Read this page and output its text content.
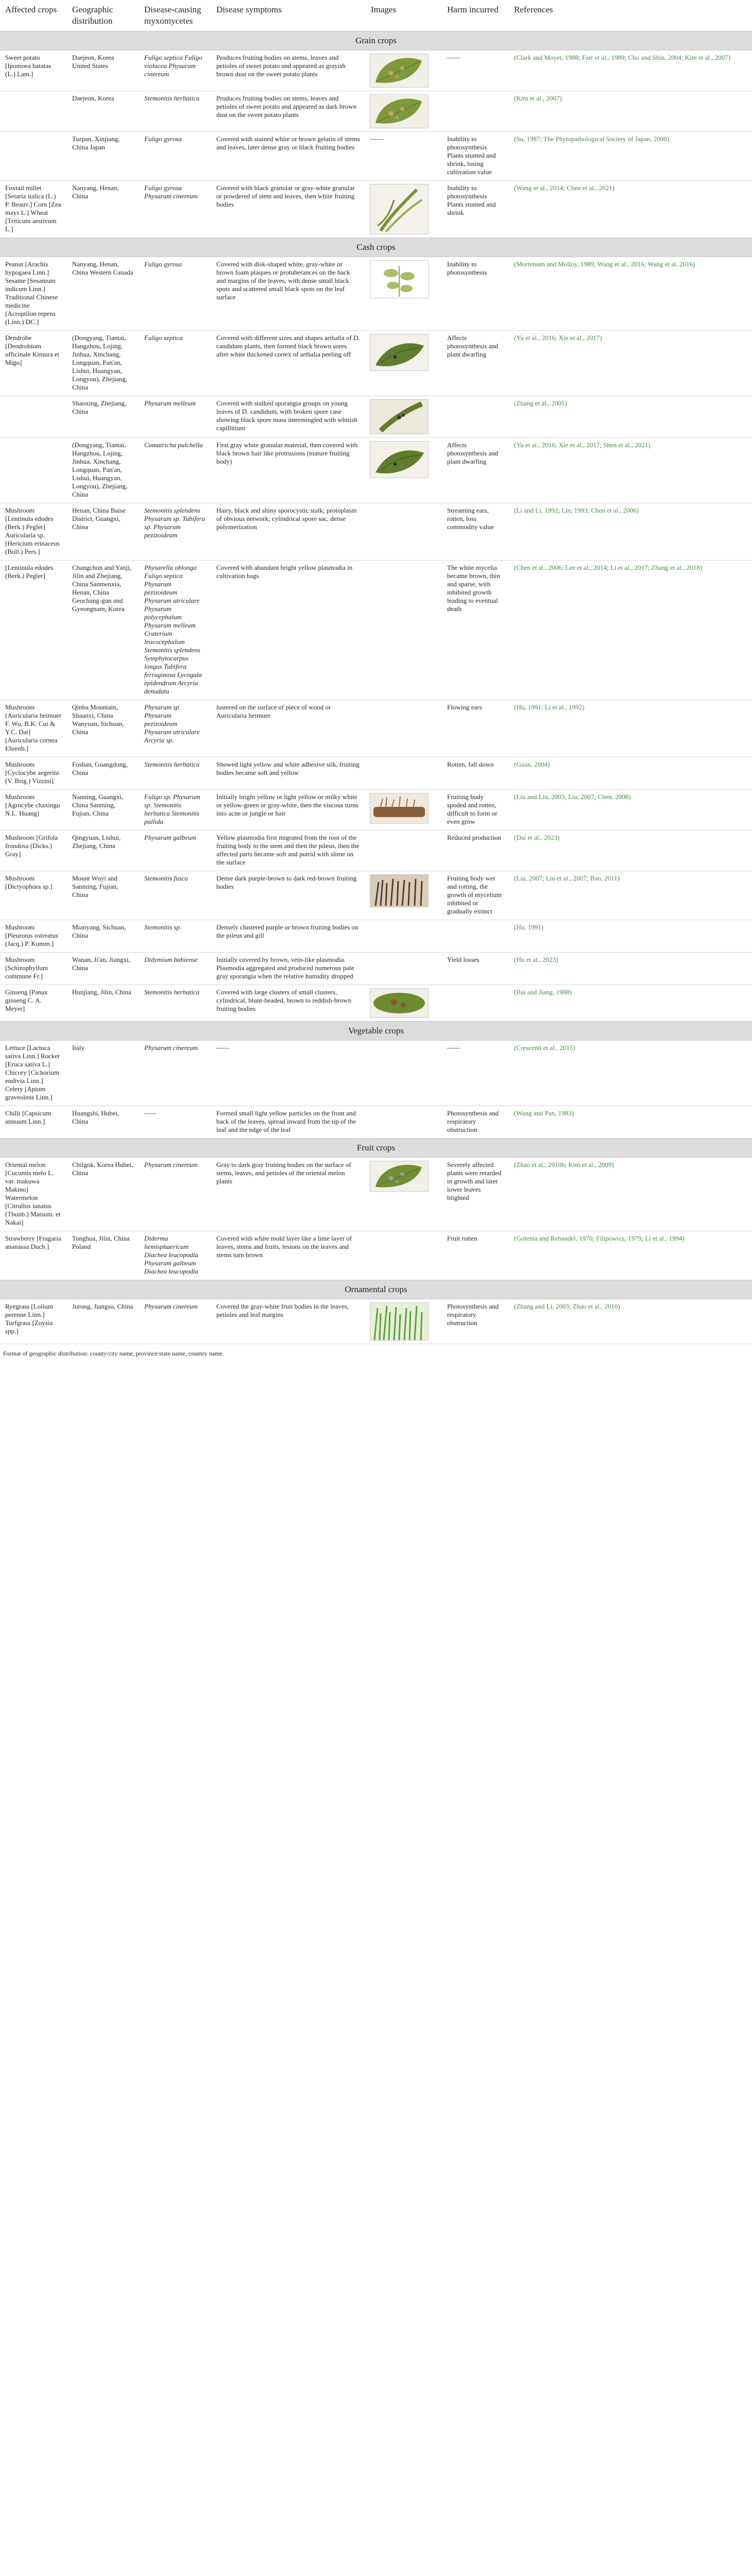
Affected crops	Geographic distribution	Disease-causing myxomycetes	Disease symptoms	Images	Harm incurred	References
Grain crops						
Sweet potato [Ipomoea batatas (L.) Lam.]	Daejeon, Korea United States	Fuligo septica Fuligo violacea Physarum cinereum	Produces fruiting bodies on stems, leaves and petioles of sweet potato and appeared as grayish brown dust on the sweet potato plants		——	(Clark and Moyer, 1988; Farr et al., 1989; Cho and Shin, 2004; Kim et al., 2007)
	Daejeon, Korea	Stemonitis herbatica	Produces fruiting bodies on stems, leaves and petioles of sweet potato and appeared as dark brown dust on the sweet potato plants			(Kim et al., 2007)
	Turpan, Xinjiang, China Japan	Fuligo gyrosa	Covered with stained white or brown gelatin of stems and leaves, later dense gray or black fruiting bodies	——	Inability to photosynthesis Plants stunted and shrink, losing cultivation value	(Su, 1987; The Phytopathological Society of Japan, 2000)
Foxtail millet [Setaria italica (L.) P. Beauv.] Corn [Zea mays L.] Wheat [Triticum aestivum L.]	Nanyang, Henan, China	Fuligo gyrosa Physarum cinereum	Covered with black granular or gray-white granular or powdered of stem and leaves, then white fruiting bodies		Inability to photosynthesis Plants stunted and shrink	(Wang et al., 2014; Chen et al., 2021)
Cash crops						
Peanut [Arachis hypogaea Linn.] Sesame [Sesamum indicum Linn.] Traditional Chinese medicine [Acroptilon repens (Linn.) DC.]	Nanyang, Henan, China Western Canada	Fuligo gyrosa	Covered with disk-shaped white, gray-white or brown foam plaques or protuberances on the back and margins of the leaves, with dense small black spots and scattered small black spots on the leaf surface		Inability to photosynthesis	(Mortensen and Molloy, 1989; Wang et al., 2016; Wang et al, 2016)
Dendrobe [Dendrobium officinale Kimura et Migo]	(Dongyang, Tiantai, Hangzhou, Lojing, Jinhua, Xinchang, Longquan, Pan'an, Lishui, Huangyan, Longyou), Zhejiang, China	Fuligo septica	Covered with different sizes and shapes arthalia of D. candidum plants, then formed black brown sores after white thickened cortex of arthalia peeling off		Affects photosynthesis and plant dwarfing	(Yu et al., 2016; Xie et al., 2017)
	Shaoxing, Zhejiang, China	Physarum melleum	Covered with stalked sporangia groups on young leaves of D. candidum, with broken spore case showing black spore mass intermingled with whitish capillitium			(Zhang et al., 2005)
	(Dongyang, Tiantai, Hangzhou, Lojing, Jinhua, Xinchang, Longquan, Pan'an, Lishui, Huangyan, Longyou), Zhejiang, China	Comatricha pulchella	First gray white granular material, then covered with black brown hair like protrusions (mature fruiting body)		Affects photosynthesis and plant dwarfing	(Yu et al., 2016; Xie et al., 2017; Shen et al., 2021)
Mushroom [Lentinula edodes (Berk.) Pegler] Auricularia sp. [Hericium erinaceus (Bull.) Pers.]	Henan, China Baise District, Guangxi, China	Stemonitis splendens Physarum sp. Tubifera sp. Physarum pezizoideum	Hairy, black and shiny sporocystic stalk; protoplasm of obvious network; cylindrical spore sac, dense polymerization		Streaming ears, rotten, loss commodity value	(Li and Li, 1992; Lin, 1993; Chen et al., 2006)
[Lentinula edodes (Berk.) Pegler]	Changchun and Yanji, Jilin and Zhejiang, China Sanmenxia, Henan, China Geochang-gun and Gyeongnam, Korea	Physarella oblonga Fuligo septica Physarum pezizoideum Physarum utriculare Physarum polycephalum Physarum melleum Craterium leucocephalum Stemonitis splendens Symphytocarpus longus Tubifera ferruginosa Lycogala epidendrum Arcyria denudata	Covered with abundant bright yellow plasmodia in cultivation bags		The white mycelia became brown, thin and sparse, with inhibited growth leading to eventual death	(Chen et al., 2006; Lee et al., 2014; Li et al., 2017; Zhang et al., 2018)
Mushroom [Auricularia heimuer F. Wu, B.K. Cui & Y.C. Dai] [Auricularia cornea Ehrenb.]	Qinba Mountain, Shaanxi, China Wanyuan, Sichuan, China	Physarum sp. Physarum pezizoideum Physarum utriculare Arcyria sp.	lustered on the surface of piece of wood or Auricularia heimuer		Flowing ears	(Hu, 1991; Li et al., 1992)
Mushroom [Cyclocybe aegerita (V. Brig.) Vizzini]	Foshan, Guangdong, China	Stemonitis herbatica	Showed light yellow and white adhesive silk, fruiting bodies became soft and yellow		Rotten, fall down	(Guan, 2004)
Mushroom [Agrocybe chaxingu N.L. Huang]	Nanning, Guangxi, China Sanming, Fujian, China	Fuligo sp. Physarum sp. Stemonitis herbatica Stemonitis pallida	Initially bright yellow or light yellow or milky white or yellow-green or gray-white, then the viscous turns into acne or jungle or hair		Fruiting body spoded and rotten, difficult to form or even grow	(Liu and Lin, 2003; Liu, 2007; Chen, 2008)
Mushroom [Grifola frondosa (Dicks.) Gray]	Qingyuan, Lishui, Zhejiang, China	Physarum galbeum	Yellow plasmodia first migrated from the root of the fruiting body to the stem and then the pileus, then the affected parts became soft and putrid with slime on the surface		Reduced production	(Dai et al., 2023)
Mushroom [Dictyophora sp.]	Mount Wuyi and Sanming, Fujian, China	Stemonitis fusca	Dense dark purple-brown to dark red-brown fruiting bodies		Fruiting body wet and rotting, the growth of mycelium inhibited or gradually extinct	(Liu, 2007; Liu et al., 2007; Bao, 2011)
Mushroom [Pleurotus ostreatus (Jacq.) P. Kumm.]	Mianyang, Sichuan, China	Stemonitis sp.	Densely clustered purple or brown fruiting bodies on the pileus and gill			(Hu, 1991)
Mushroom [Schizophyllum commune Fr.]	Wanan, Ji'an, Jiangxi, China	Didymium bahiense	Initially covered by brown, vein-like plasmodia. Plasmodia aggregated and produced numerous pale gray sporangia when the relative humidity dropped		Yield losses	(Hu et al., 2023)
Ginseng [Panax ginseng C. A. Meyer]	Hunjiang, Jilin, China	Stemonitis herbatica	Covered with large clusters of small clusters, cylindrical, blunt-headed, brown to reddish-brown fruiting bodies			(Bai and Jiang, 1988)
Vegetable crops						
Lettuce [Lactuca sativa Linn.] Rocket [Eruca sativa L.] Chicory [Cichorium endivia Linn.] Celery [Apium graveolens Linn.]	Italy	Physarum cinereum	——		——	(Crescenti et al., 2015)
Chilli [Capsicum annuum Linn.]	Huangshi, Hubei, China	——	Formed small light yellow particles on the front and back of the leaves, spread inward from the tip of the leaf and the edge of the leaf		Photosynthesis and respiratory obstruction	(Wang and Pan, 1983)
Fruit crops						
Oriental melon [Cucumis melo L. var. makuwa Makino] Watermelon [Citrullus lanatus (Thunb.) Matsum. et Nakai]	Chilgok, Korea Hubei, China	Physarum cinereum	Gray to dark gray fruiting bodies on the surface of stems, leaves, and petioles of the oriental melon plants		Severely affected plants were retarded in growth and later lower leaves blighted	(Zhao et al., 2010b; Kim et al., 2009)
Strawberry [Fragaria ananassa Duch.]	Tonghua, Jilin, China Poland	Diderma hemisphaericum Diachea leucopodia Physarum galbeum Diachea leucopodia	Covered with white mold layer like a lime layer of leaves, stems and fruits, lesions on the leaves and stems turn brown		Fruit rotten	(Golenia and Rebandel, 1970; Filipowicz, 1979; Li et al., 1994)
Ornamental crops						
Ryegrass [Lolium perenne Linn.] Turfgrass [Zoysia spp.]	Jurong, Jiangsu, China	Physarum cinereum	Covered the gray-white fruit bodies in the leaves, petioles and leaf margins		Photosynthesis and respiratory obstruction	(Zhang and Li, 2003; Zhao et al., 2010)
Format of geographic distribution: county/city name, province/state name, country name.
